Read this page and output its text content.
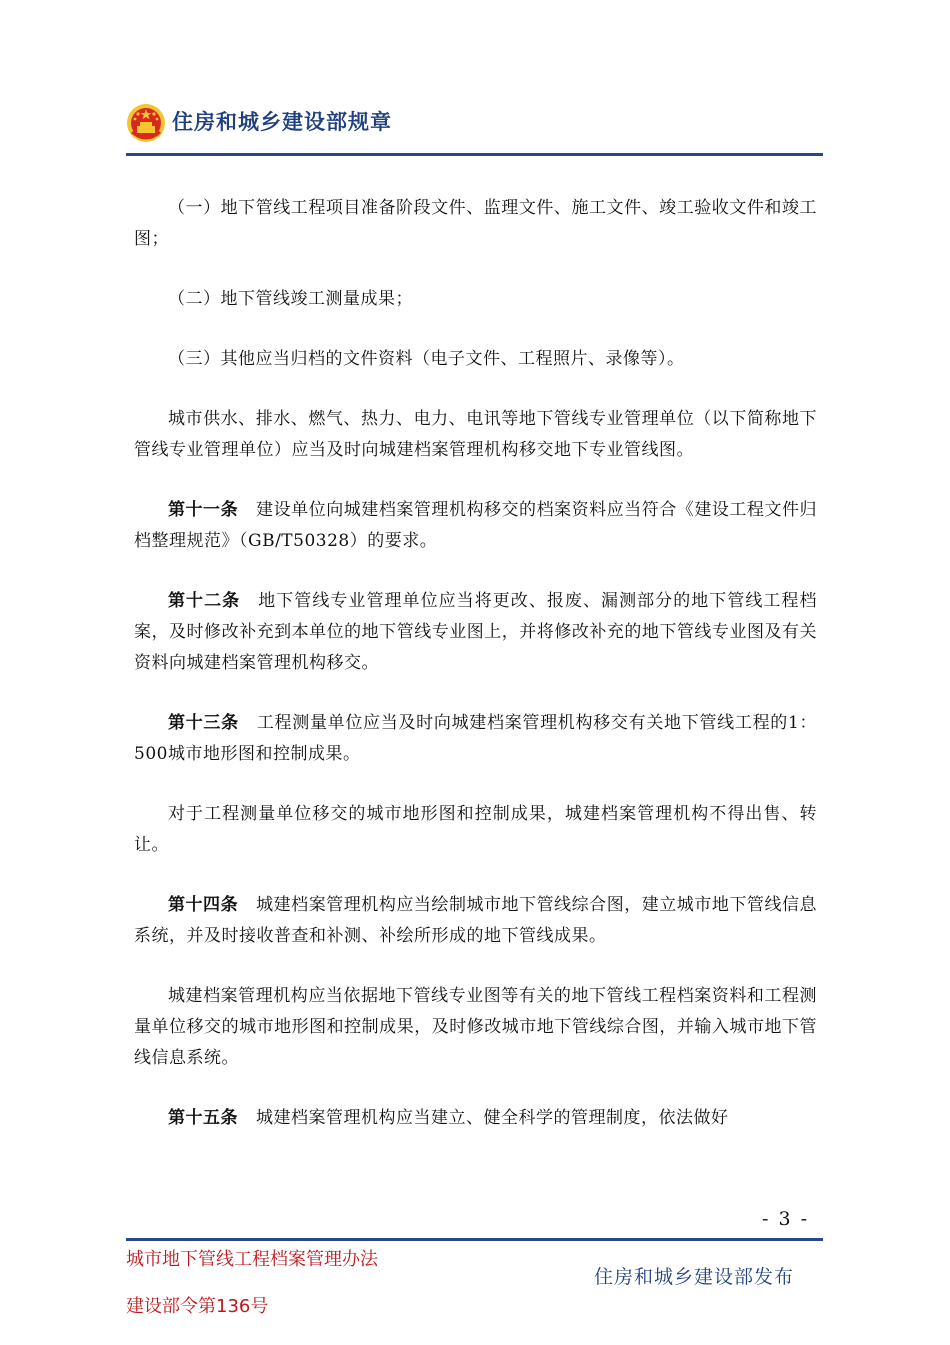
住房和城乡建设部规章

（一）地下管线工程项目准备阶段文件、监理文件、施工文件、竣工验收文件和竣工图；

（二）地下管线竣工测量成果；

（三）其他应当归档的文件资料（电子文件、工程照片、录像等）。

城市供水、排水、燃气、热力、电力、电讯等地下管线专业管理单位（以下简称地下管线专业管理单位）应当及时向城建档案管理机构移交地下专业管线图。

第十一条 建设单位向城建档案管理机构移交的档案资料应当符合《建设工程文件归档整理规范》（GB/T50328）的要求。

第十二条 地下管线专业管理单位应当将更改、报废、漏测部分的地下管线工程档案，及时修改补充到本单位的地下管线专业图上，并将修改补充的地下管线专业图及有关资料向城建档案管理机构移交。

第十三条 工程测量单位应当及时向城建档案管理机构移交有关地下管线工程的1：500城市地形图和控制成果。

对于工程测量单位移交的城市地形图和控制成果，城建档案管理机构不得出售、转让。

第十四条 城建档案管理机构应当绘制城市地下管线综合图，建立城市地下管线信息系统，并及时接收普查和补测、补绘所形成的地下管线成果。

城建档案管理机构应当依据地下管线专业图等有关的地下管线工程档案资料和工程测量单位移交的城市地形图和控制成果，及时修改城市地下管线综合图，并输入城市地下管线信息系统。

第十五条 城建档案管理机构应当建立、健全科学的管理制度，依法做好

- 3 -
城市地下管线工程档案管理办法
建设部令第136号
住房和城乡建设部发布
